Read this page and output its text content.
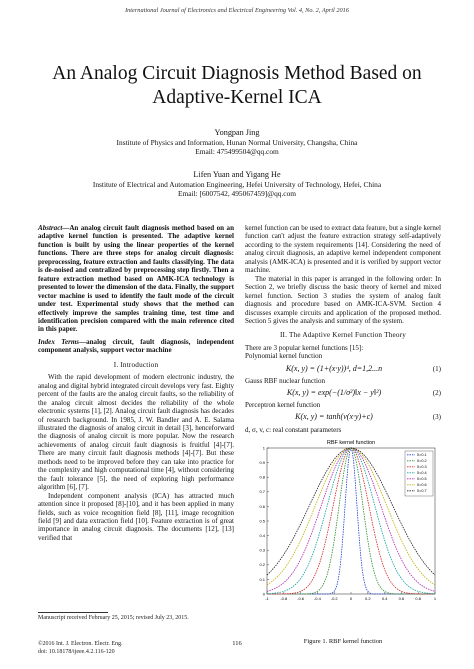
International Journal of Electronics and Electrical Engineering Vol. 4, No. 2, April 2016
An Analog Circuit Diagnosis Method Based on
Adaptive-Kernel ICA
Yongpan Jing
Institute of Physics and Information, Hunan Normal University, Changsha, China
Email: 475499504@qq.com
Lifen Yuan and Yigang He
Institute of Electrical and Automation Engineering, Hefei University of Technology, Hefei, China
Email: [6007542, 495067459]@qq.com

Abstract—An analog circuit fault diagnosis method based on an adaptive kernel function is presented. The adaptive kernel function is built by using the linear properties of the kernel functions. There are three steps for analog circuit diagnosis: preprocessing, feature extraction and faults classifying. The data is de-noised and centralized by preprocessing step firstly. Then a feature extraction method based on AMK-ICA technology is presented to lower the dimension of the data. Finally, the support vector machine is used to identify the fault mode of the circuit under test. Experimental study shows that the method can effectively improve the samples training time, test time and identification precision compared with the main reference cited in this paper.

Index Terms—analog circuit, fault diagnosis, independent component analysis, support vector machine

I. Introduction

With the rapid development of modern electronic industry, the analog and digital hybrid integrated circuit develops very fast. Eighty percent of the faults are the analog circuit faults, so the reliability of the analog circuit almost decides the reliability of the whole electronic systems [1], [2]. Analog circuit fault diagnosis has decades of research background. In 1985, J. W. Bandler and A. E. Salama illustrated the diagnosis of analog circuit in detail [3], henceforward the diagnosis of analog circuit is more popular. Now the research achievements of analog circuit fault diagnosis is fruitful [4]-[7]. There are many circuit fault diagnosis methods [4]-[7]. But these methods need to be improved before they can take into practice for the complexity and high computational time [4], without considering the fault tolerance [5], the need of exploring high performance algorithm [6], [7].

Independent component analysis (ICA) has attracted much attention since it proposed [8]-[10], and it has been applied in many fields, such as voice recognition field [8], [11], image recognition field [9] and data extraction field [10]. Feature extraction is of great importance in analog circuit diagnosis. The documents [12], [13] verified that

kernel function can be used to extract data feature, but a single kernel function can't adjust the feature extraction strategy self-adaptively according to the system requirements [14]. Considering the need of analog circuit diagnosis, an adaptive kernel independent component analysis (AMK-ICA) is presented and it is verified by support vector machine.

The material in this paper is arranged in the following order: In Section 2, we briefly discuss the basic theory of kernel and mixed kernel function. Section 3 studies the system of analog fault diagnosis and procedure based on AMK-ICA-SVM. Section 4 discusses example circuits and application of the proposed method. Section 5 gives the analysis and summary of the system.

II. The Adaptive Kernel Function Theory

There are 3 popular kernel functions [15]:

Polynomial kernel function

K(x, y) = (1+(x·y))ᵈ, d=1,2...n	(1)

Gauss RBF nuclear function

K(x, y) = exp(−(1/σ²)‖x − y‖²)	(2)

Perceptron kernel function

K(x, y) = tanh(v(x·y)+c)	(3)

d, σ, v, c: real constant parameters

RBF kernel function
-1	-0.8 -0.6 -0.4 -0.2	0	0.2	0.4	0.6	0.8	1
0
0.1
0.2
0.3
0.4
0.5
0.6
0.7
0.8
0.9
1
δ=0.1
δ=0.2
δ=0.3
δ=0.4
δ=0.5
δ=0.6
δ=0.7
Figure 1. RBF kernel function
Manuscript received February 25, 2015; revised July 23, 2015.
©2016 Int. J. Electron. Electr. Eng.
doi: 10.18178/ijeee.4.2.116-120
116
